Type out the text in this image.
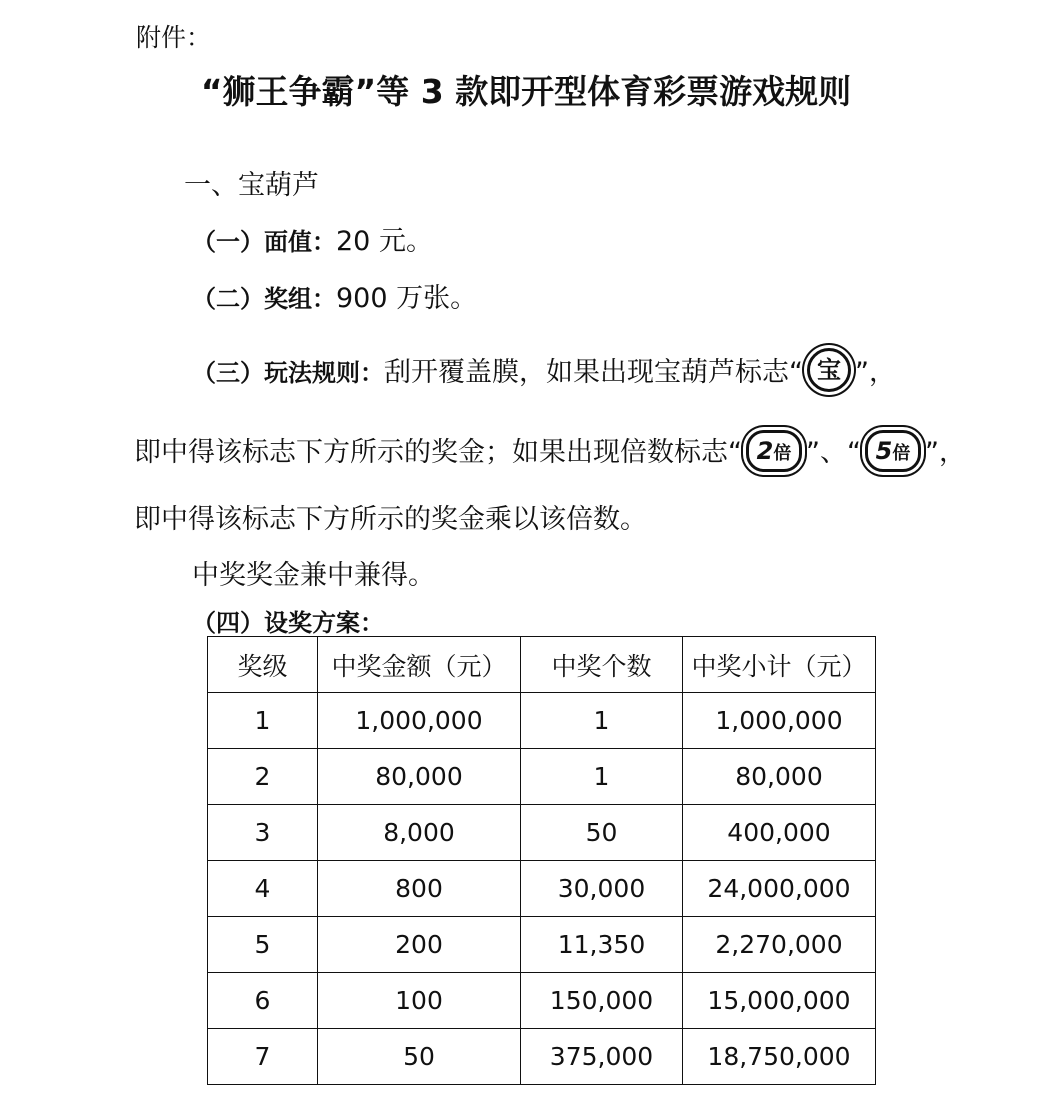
附件：
“狮王争霸”等 3 款即开型体育彩票游戏规则
一、宝葫芦
（一）面值：20 元。
（二）奖组：900 万张。
（三）玩法规则：刮开覆盖膜，如果出现宝葫芦标志“ 宝 ”，
即中得该标志下方所示的奖金；如果出现倍数标志“ 2倍 ”、“ 5倍 ”，
即中得该标志下方所示的奖金乘以该倍数。
中奖奖金兼中兼得。
（四）设奖方案：
奖级	中奖金额（元）	中奖个数	中奖小计（元）
1	1,000,000	1	1,000,000
2	80,000	1	80,000
3	8,000	50	400,000
4	800	30,000	24,000,000
5	200	11,350	2,270,000
6	100	150,000	15,000,000
7	50	375,000	18,750,000
